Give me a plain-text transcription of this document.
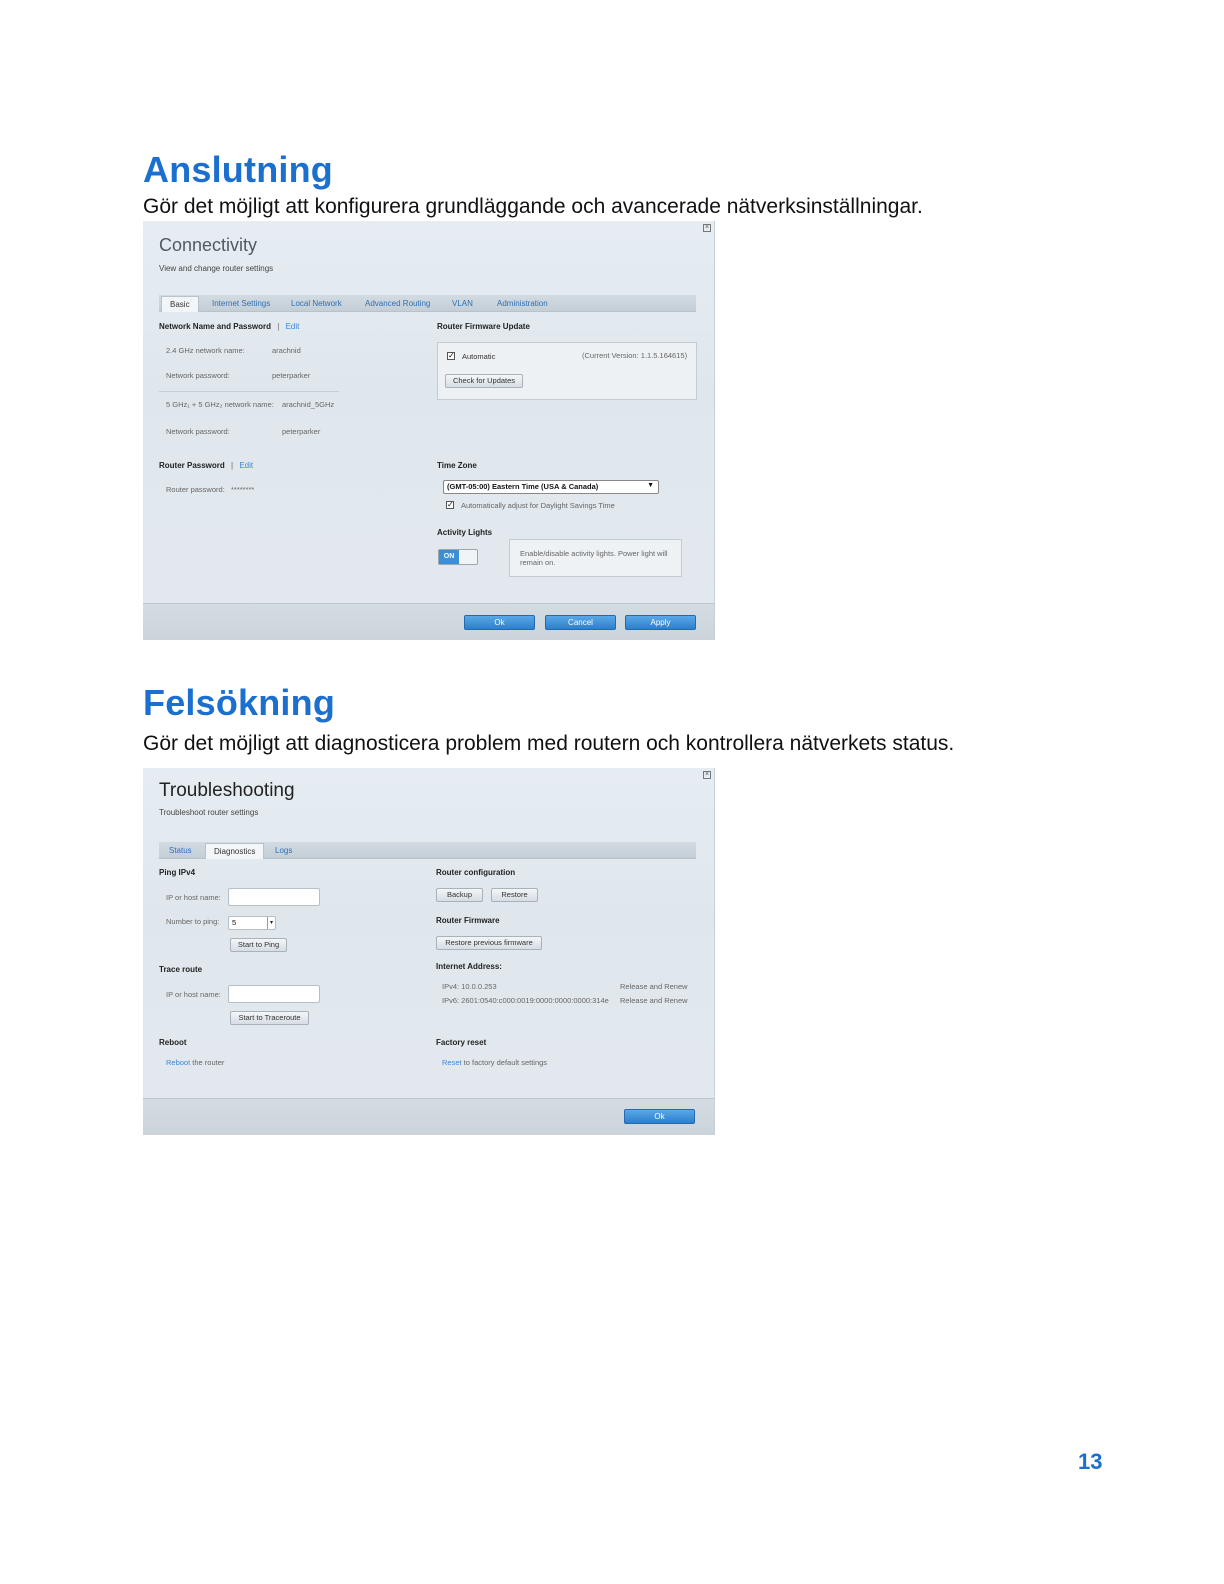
Anslutning
Gör det möjligt att konfigurera grundläggande och avancerade nätverksinställningar.
×
Connectivity
View and change router settings
Basic	Internet Settings	Local Network	Advanced Routing	VLAN	Administration
Network Name and Password | Edit
2.4 GHz network name:	arachnid
Network password:	peterparker
5 GHz₁ + 5 GHz₂ network name: arachnid_5GHz
Network password:	peterparker
Router Password | Edit
Router password: ********
Router Firmware Update
✓ Automatic	(Current Version: 1.1.5.164615)
Check for Updates
Time Zone
(GMT-05:00) Eastern Time (USA & Canada)	▼
✓ Automatically adjust for Daylight Savings Time
Activity Lights
ON	Enable/disable activity lights. Power light will remain on.
Ok	Cancel	Apply
Felsökning
Gör det möjligt att diagnosticera problem med routern och kontrollera nätverkets status.
×
Troubleshooting
Troubleshoot router settings
Status	Diagnostics	Logs
Ping IPv4
IP or host name:
Number to ping: 5	▾
Start to Ping
Trace route
IP or host name:
Start to Traceroute
Reboot
Reboot the router
Router configuration
Backup	Restore
Router Firmware
Restore previous firmware
Internet Address:
IPv4: 10.0.0.253	Release and Renew
IPv6: 2601:0540:c000:0019:0000:0000:0000:314e Release and Renew
Factory reset
Reset to factory default settings
Ok
13
